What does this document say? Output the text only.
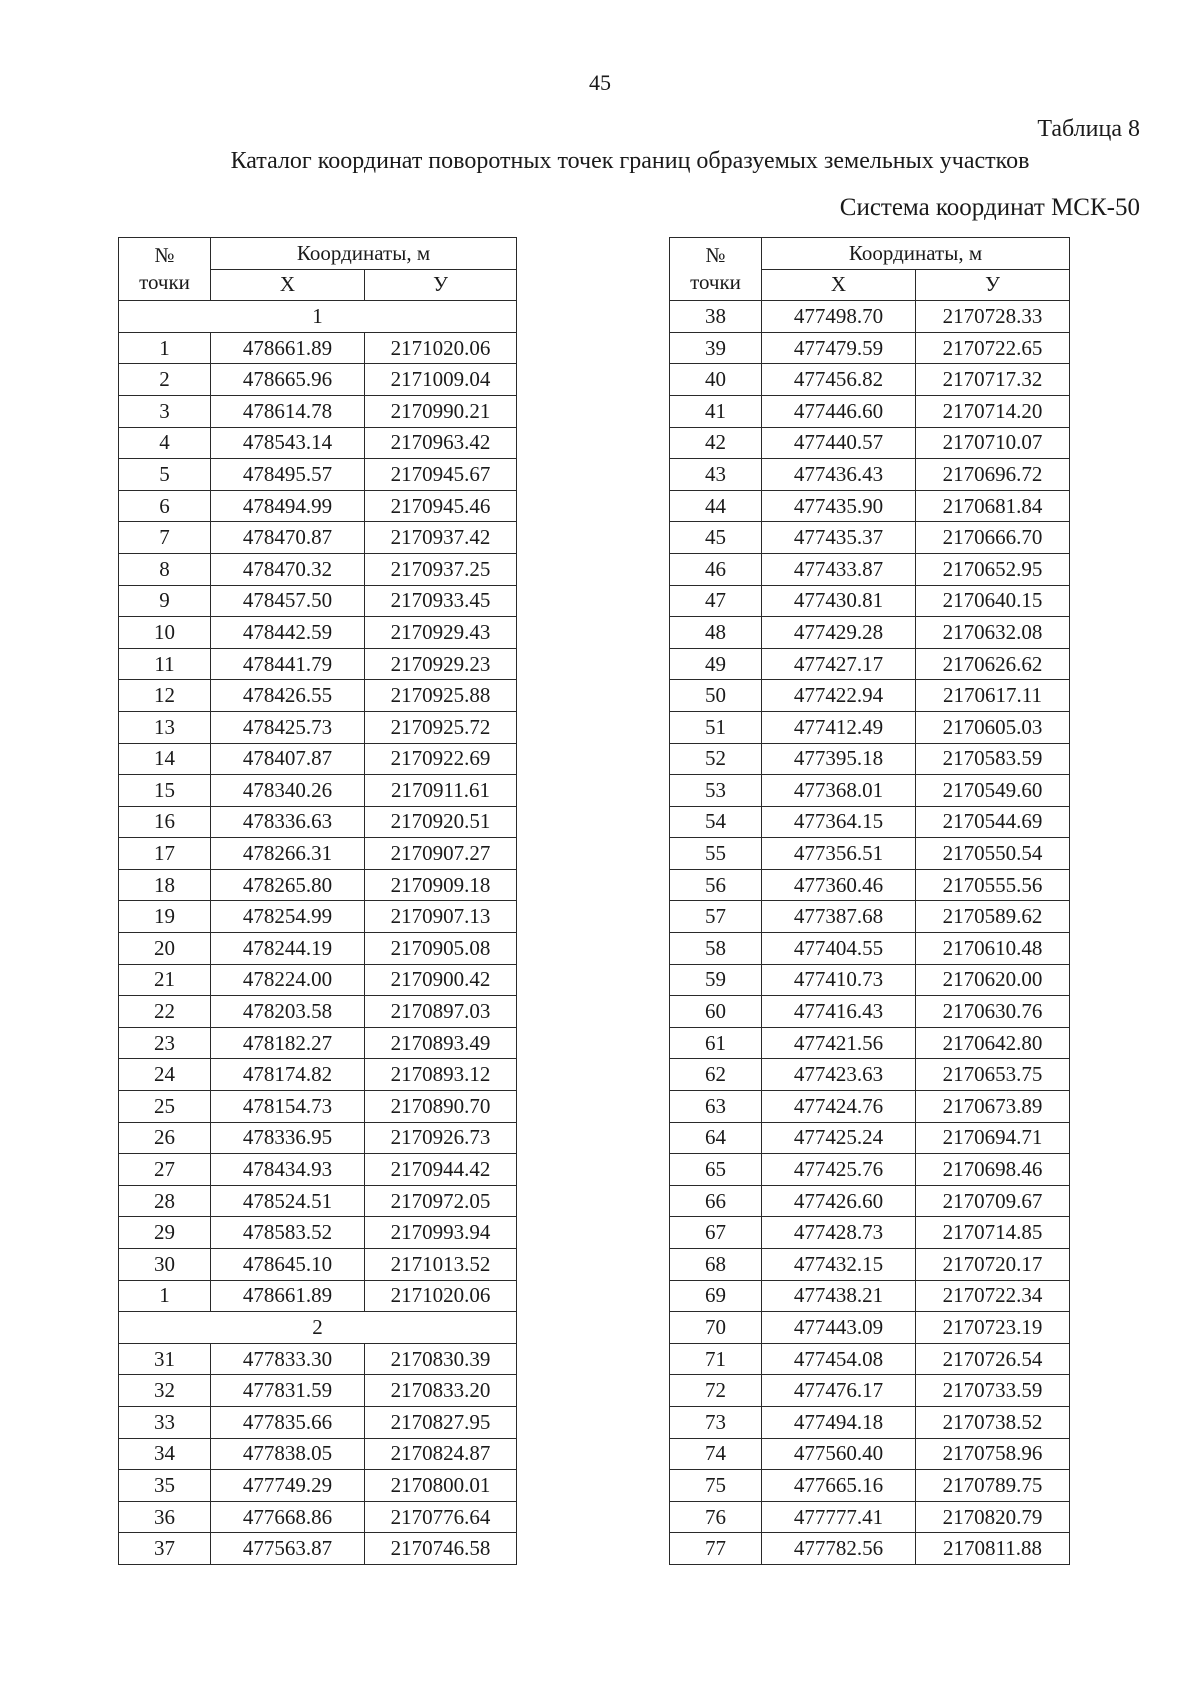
45
Таблица 8
Каталог координат поворотных точек границ образуемых земельных участков
Система координат МСК-50
№
точки	Координаты, м	
	X	У
1		
1	478661.89	2171020.06
2	478665.96	2171009.04
3	478614.78	2170990.21
4	478543.14	2170963.42
5	478495.57	2170945.67
6	478494.99	2170945.46
7	478470.87	2170937.42
8	478470.32	2170937.25
9	478457.50	2170933.45
10	478442.59	2170929.43
11	478441.79	2170929.23
12	478426.55	2170925.88
13	478425.73	2170925.72
14	478407.87	2170922.69
15	478340.26	2170911.61
16	478336.63	2170920.51
17	478266.31	2170907.27
18	478265.80	2170909.18
19	478254.99	2170907.13
20	478244.19	2170905.08
21	478224.00	2170900.42
22	478203.58	2170897.03
23	478182.27	2170893.49
24	478174.82	2170893.12
25	478154.73	2170890.70
26	478336.95	2170926.73
27	478434.93	2170944.42
28	478524.51	2170972.05
29	478583.52	2170993.94
30	478645.10	2171013.52
1	478661.89	2171020.06
2		
31	477833.30	2170830.39
32	477831.59	2170833.20
33	477835.66	2170827.95
34	477838.05	2170824.87
35	477749.29	2170800.01
36	477668.86	2170776.64
37	477563.87	2170746.58
№
точки	Координаты, м	
	X	У
38	477498.70	2170728.33
39	477479.59	2170722.65
40	477456.82	2170717.32
41	477446.60	2170714.20
42	477440.57	2170710.07
43	477436.43	2170696.72
44	477435.90	2170681.84
45	477435.37	2170666.70
46	477433.87	2170652.95
47	477430.81	2170640.15
48	477429.28	2170632.08
49	477427.17	2170626.62
50	477422.94	2170617.11
51	477412.49	2170605.03
52	477395.18	2170583.59
53	477368.01	2170549.60
54	477364.15	2170544.69
55	477356.51	2170550.54
56	477360.46	2170555.56
57	477387.68	2170589.62
58	477404.55	2170610.48
59	477410.73	2170620.00
60	477416.43	2170630.76
61	477421.56	2170642.80
62	477423.63	2170653.75
63	477424.76	2170673.89
64	477425.24	2170694.71
65	477425.76	2170698.46
66	477426.60	2170709.67
67	477428.73	2170714.85
68	477432.15	2170720.17
69	477438.21	2170722.34
70	477443.09	2170723.19
71	477454.08	2170726.54
72	477476.17	2170733.59
73	477494.18	2170738.52
74	477560.40	2170758.96
75	477665.16	2170789.75
76	477777.41	2170820.79
77	477782.56	2170811.88
